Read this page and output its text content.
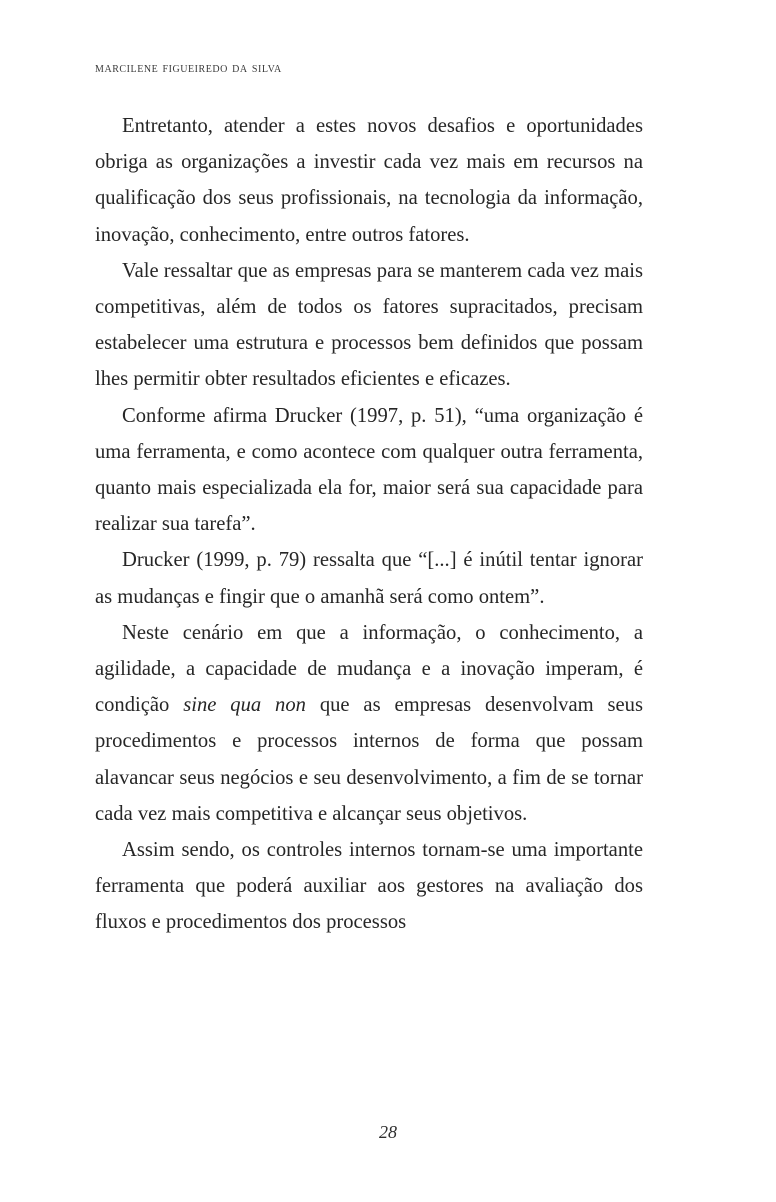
marcilene figueiredo da silva

Entretanto, atender a estes novos desafios e oportunidades obriga as organizações a investir cada vez mais em recursos na qualificação dos seus profissionais, na tecnologia da informação, inovação, conhecimento, entre outros fatores.

Vale ressaltar que as empresas para se manterem cada vez mais competitivas, além de todos os fatores supracitados, precisam estabelecer uma estrutura e processos bem definidos que possam lhes permitir obter resultados eficientes e eficazes.

Conforme afirma Drucker (1997, p. 51), “uma organização é uma ferramenta, e como acontece com qualquer outra ferramenta, quanto mais especializada ela for, maior será sua capacidade para realizar sua tarefa”.

Drucker (1999, p. 79) ressalta que “[...] é inútil tentar ignorar as mudanças e fingir que o amanhã será como ontem”.

Neste cenário em que a informação, o conhecimento, a agilidade, a capacidade de mudança e a inovação imperam, é condição sine qua non que as empresas desenvolvam seus procedimentos e processos internos de forma que possam alavancar seus negócios e seu desenvolvimento, a fim de se tornar cada vez mais competitiva e alcançar seus objetivos.

Assim sendo, os controles internos tornam-se uma importante ferramenta que poderá auxiliar aos gestores na avaliação dos fluxos e procedimentos dos processos

28
